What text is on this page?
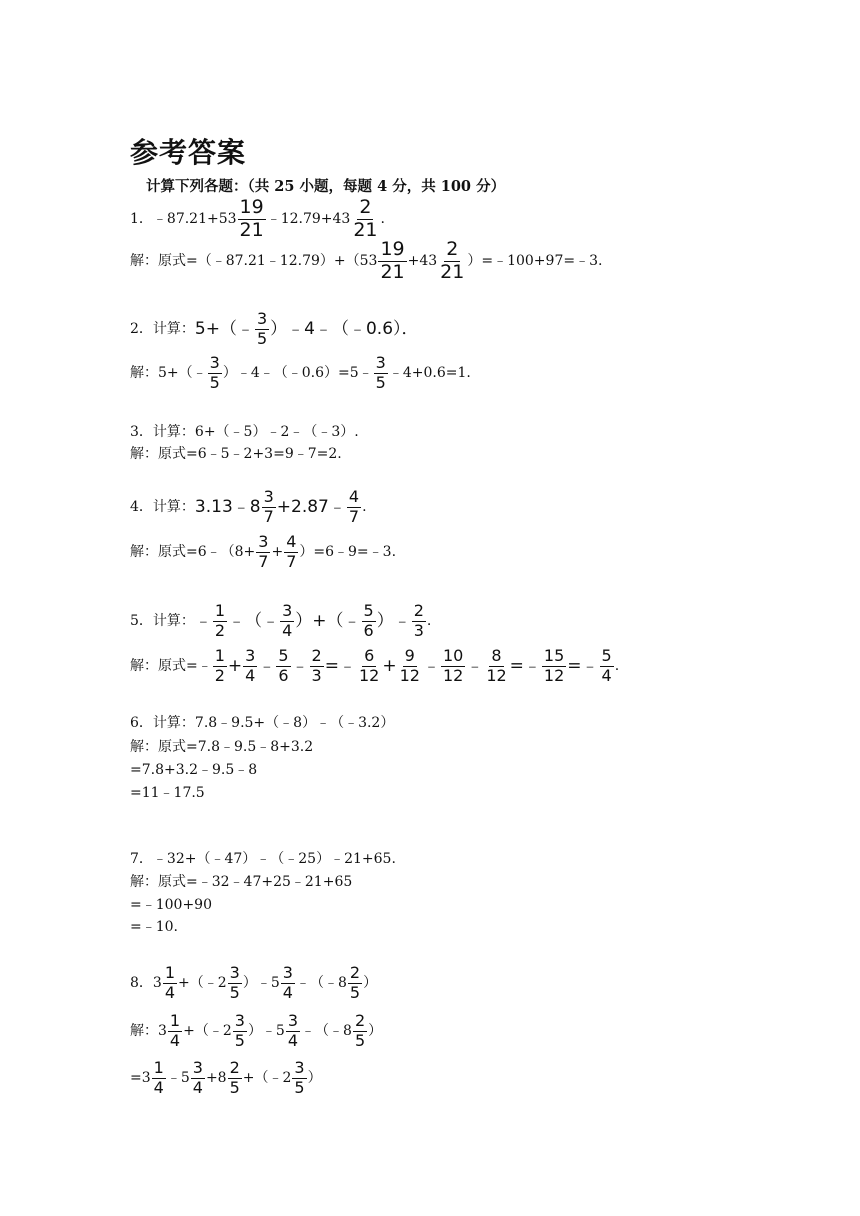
参考答案
计算下列各题：（共 25 小题，每题 4 分，共 100 分）
1．﹣87.21+53 $\frac{19}{21}$ ﹣12.79+43 $\frac{2}{21}$ .
解：原式=（﹣87.21﹣12.79）+（53 $\frac{19}{21} +43 \frac{2}{21}$ ）=﹣100+97=﹣3.
2．计算： 5+（﹣ $\frac{3}{5}$ ）﹣4﹣（﹣0.6）．
解：5+（﹣ $\frac{3}{5}$ ）﹣4﹣（﹣0.6）=5﹣ $\frac{3}{5}$ ﹣4+0.6=1.
3．计算：6+（﹣5）﹣2﹣（﹣3）.
解：原式=6﹣5﹣2+3=9﹣7=2.
4．计算： 3.13﹣8 $\frac{3}{7}$ +2.87﹣ $\frac{4}{7}$ .
解：原式=6﹣（8+ $\frac{3}{7} + \frac{4}{7}$ ）=6﹣9=﹣3.
5．计算： ﹣ $\frac{1}{2}$ ﹣（﹣ $\frac{3}{4}$ ）+（﹣ $\frac{5}{6}$ ）﹣ $\frac{2}{3}$ .
解：原式=﹣ $\frac{1}{2} + \frac{3}{4}$ ﹣ $\frac{5}{6}$ ﹣ $\frac{2}{3}$ =﹣ $\frac{6}{12} + \frac{9}{12}$ ﹣ $\frac{10}{12}$ ﹣ $\frac{8}{12}$ =﹣ $\frac{15}{12}$ =﹣ $\frac{5}{4}$ .
6．计算：7.8﹣9.5+（﹣8）﹣（﹣3.2）
解：原式=7.8﹣9.5﹣8+3.2
=7.8+3.2﹣9.5﹣8
=11﹣17.5
7．﹣32+（﹣47）﹣（﹣25）﹣21+65.
解：原式=﹣32﹣47+25﹣21+65
=﹣100+90
=﹣10.
8．$3 \frac{1}{4}$ +（﹣2 $\frac{3}{5}$ ）﹣5 $\frac{3}{4}$ ﹣（﹣8 $\frac{2}{5}$ ）
解：$3 \frac{1}{4}$ +（﹣2 $\frac{3}{5}$ ）﹣5 $\frac{3}{4}$ ﹣（﹣8 $\frac{2}{5}$ ）
$=3 \frac{1}{4}$ ﹣5 $\frac{3}{4} +8 \frac{2}{5}$ +（﹣2 $\frac{3}{5}$ ）
